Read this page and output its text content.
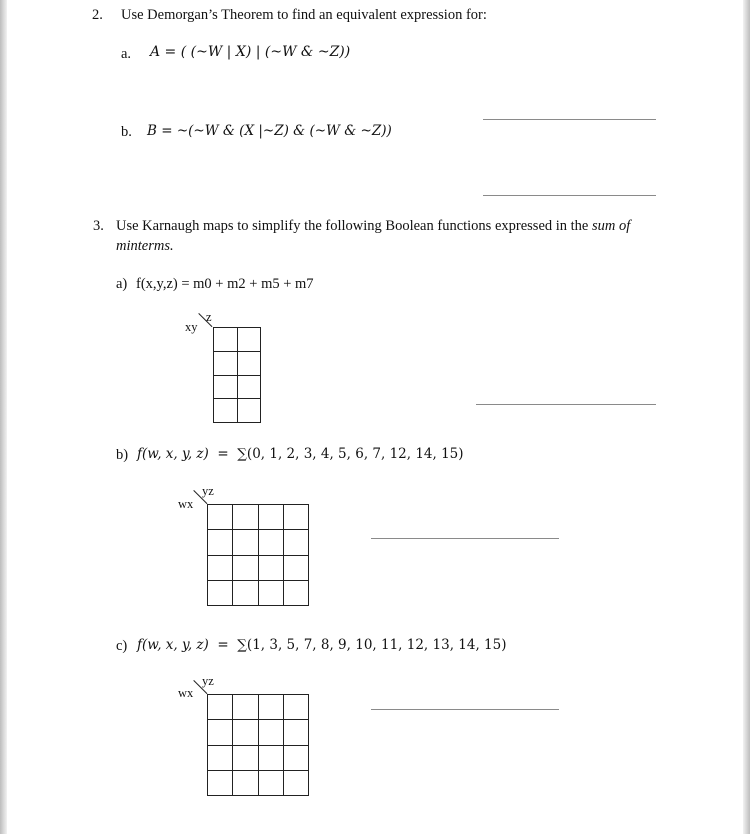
2. Use Demorgan’s Theorem to find an equivalent expression for:
a. A = ( (~W | X) | (~W & ~Z))
b. B = ~(~W & (X |~Z) & (~W & ~Z))
3. Use Karnaugh maps to simplify the following Boolean functions expressed in the sum of
minterms.
a) f(x,y,z) = m0 + m2 + m5 + m7
z
xy

b) f(w, x, y, z) = ∑(0, 1, 2, 3, 4, 5, 6, 7, 12, 14, 15)
yz
wx

c) f(w, x, y, z) = ∑(1, 3, 5, 7, 8, 9, 10, 11, 12, 13, 14, 15)
yz
wx
